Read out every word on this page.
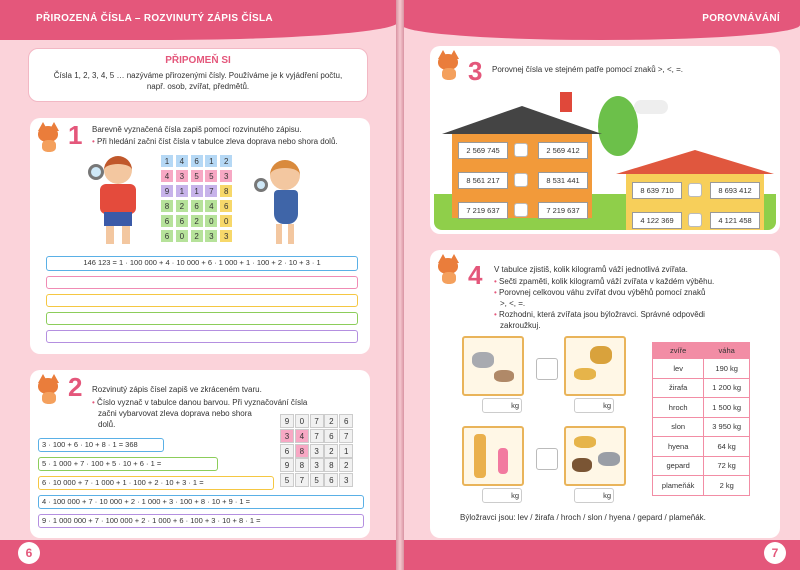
PŘIROZENÁ ČÍSLA – ROZVINUTÝ ZÁPIS ČÍSLA
PŘIPOMEŇ SI
Čísla 1, 2, 3, 4, 5 … nazýváme přirozenými čísly. Používáme je k vyjádření počtu,
např. osob, zvířat, předmětů.
1 Barevně vyznačená čísla zapiš pomocí rozvinutého zápisu.
• Při hledání začni číst čísla v tabulce zleva doprava nebo shora dolů.
1	4	6	1	2
4	3	5	5	3
9	1	1	7	8
8	2	6	4	6
6	6	2	0	0
6	0	2	3	3
146 123 = 1 · 100 000 + 4 · 10 000 + 6 · 1 000 + 1 · 100 + 2 · 10 + 3 · 1
2 Rozvinutý zápis čísel zapiš ve zkráceném tvaru.
• Číslo vyznač v tabulce danou barvou. Při vyznačování čísla
začni vybarvovat zleva doprava nebo shora
dolů.	9	0	7	2	6
3	4	7	6	7
6	8	3	2	1
9	8	3	8	2
5	7	5	6	3
3 · 100 + 6 · 10 + 8 · 1 = 368
5 · 1 000 + 7 · 100 + 5 · 10 + 6 · 1 =
6 · 10 000 + 7 · 1 000 + 1 · 100 + 2 · 10 + 3 · 1 =
4 · 100 000 + 7 · 10 000 + 2 · 1 000 + 3 · 100 + 8 · 10 + 9 · 1 =
9 · 1 000 000 + 7 · 100 000 + 2 · 1 000 + 6 · 100 + 3 · 10 + 8 · 1 =
6
POROVNÁVÁNÍ
3 Porovnej čísla ve stejném patře pomocí znaků >, <, =.
2 569 745	2 569 412
8 561 217	8 531 441
7 219 637	7 219 637
8 639 710	8 693 412
4 122 369	4 121 458
4 V tabulce zjistiš, kolik kilogramů váží jednotlivá zvířata.
• Sečti zpaměti, kolik kilogramů váží zvířata v každém výběhu.
• Porovnej celkovou váhu zvířat dvou výběhů pomocí znaků
>, <, =.
• Rozhodni, která zvířata jsou býložravci. Správné odpovědi
zakroužkuj.
kg	kg
kg	kg
zvíře	váha
lev	190 kg
žirafa	1 200 kg
hroch	1 500 kg
slon	3 950 kg
hyena	64 kg
gepard	72 kg
plameňák	2 kg
Býložravci jsou: lev / žirafa / hroch / slon / hyena / gepard / plameňák.
7
